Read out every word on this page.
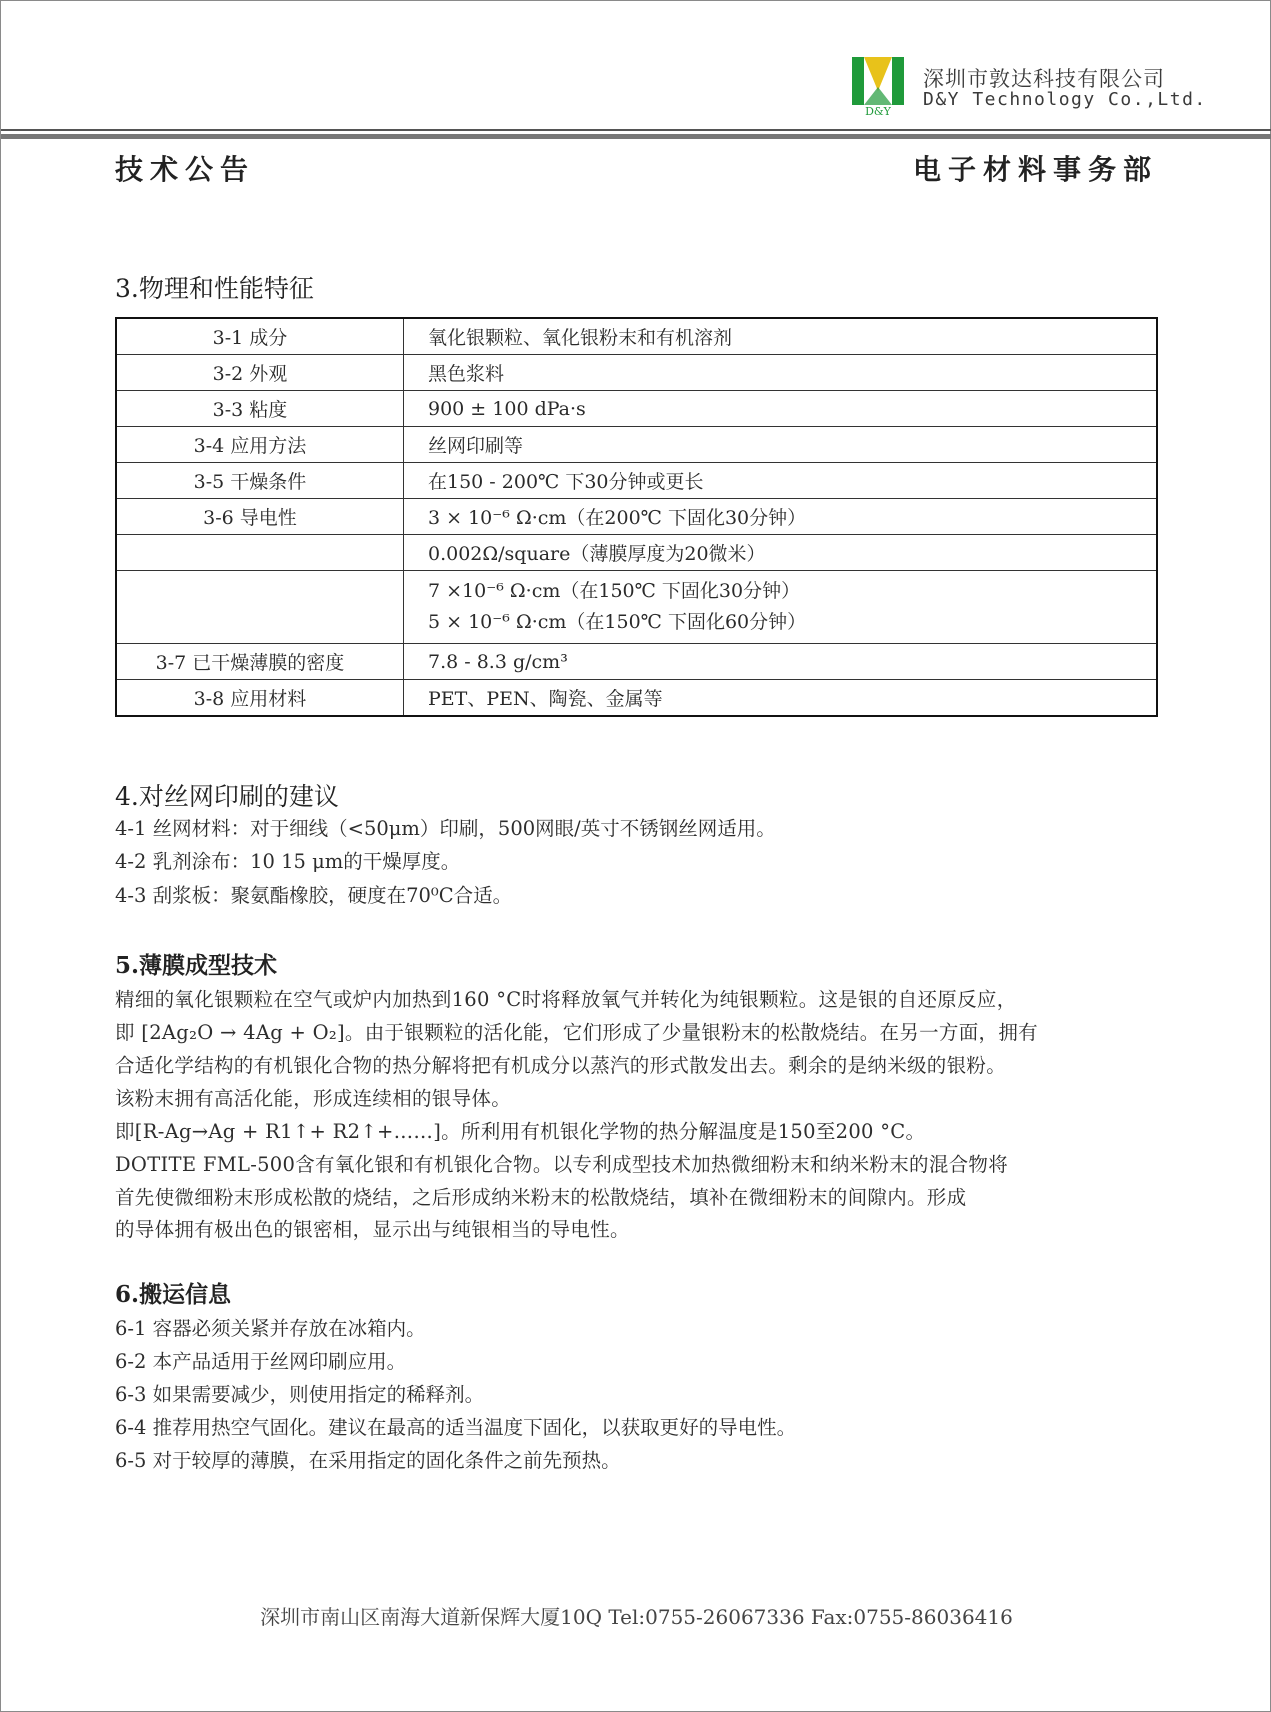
D&Y
深圳市敦达科技有限公司
D&Y Technology Co.,Ltd.
技术公告	电子材料事务部
3.物理和性能特征
3-1 成分	氧化银颗粒、氧化银粉末和有机溶剂
3-2 外观	黑色浆料
3-3 粘度	900 ± 100 dPa·s
3-4 应用方法	丝网印刷等
3-5 干燥条件	在150 - 200℃ 下30分钟或更长
3-6 导电性	3 × 10⁻⁶ Ω·cm（在200℃ 下固化30分钟）
	0.002Ω/square（薄膜厚度为20微米）

	7 ×10⁻⁶ Ω·cm（在150℃ 下固化30分钟）
5 × 10⁻⁶ Ω·cm（在150℃ 下固化60分钟）

3-7 已干燥薄膜的密度	7.8 - 8.3 g/cm³
3-8 应用材料	PET、PEN、陶瓷、金属等
4.对丝网印刷的建议
4-1 丝网材料：对于细线（<50μm）印刷，500网眼/英寸不锈钢丝网适用。
4-2 乳剂涂布：10 15 μm的干燥厚度。
4-3 刮浆板：聚氨酯橡胶，硬度在70⁰C合适。
5.薄膜成型技术
精细的氧化银颗粒在空气或炉内加热到160 °C时将释放氧气并转化为纯银颗粒。这是银的自还原反应，
即 [2Ag₂O → 4Ag + O₂]。由于银颗粒的活化能，它们形成了少量银粉末的松散烧结。在另一方面，拥有
合适化学结构的有机银化合物的热分解将把有机成分以蒸汽的形式散发出去。剩余的是纳米级的银粉。
该粉末拥有高活化能，形成连续相的银导体。
即[R-Ag→Ag + R1↑+ R2↑+……]。所利用有机银化学物的热分解温度是150至200 °C。
DOTITE FML-500含有氧化银和有机银化合物。以专利成型技术加热微细粉末和纳米粉末的混合物将
首先使微细粉末形成松散的烧结，之后形成纳米粉末的松散烧结，填补在微细粉末的间隙内。形成
的导体拥有极出色的银密相，显示出与纯银相当的导电性。
6.搬运信息
6-1 容器必须关紧并存放在冰箱内。
6-2 本产品适用于丝网印刷应用。
6-3 如果需要减少，则使用指定的稀释剂。
6-4 推荐用热空气固化。建议在最高的适当温度下固化，以获取更好的导电性。
6-5 对于较厚的薄膜，在采用指定的固化条件之前先预热。
深圳市南山区南海大道新保辉大厦10Q Tel:0755-26067336 Fax:0755-86036416
